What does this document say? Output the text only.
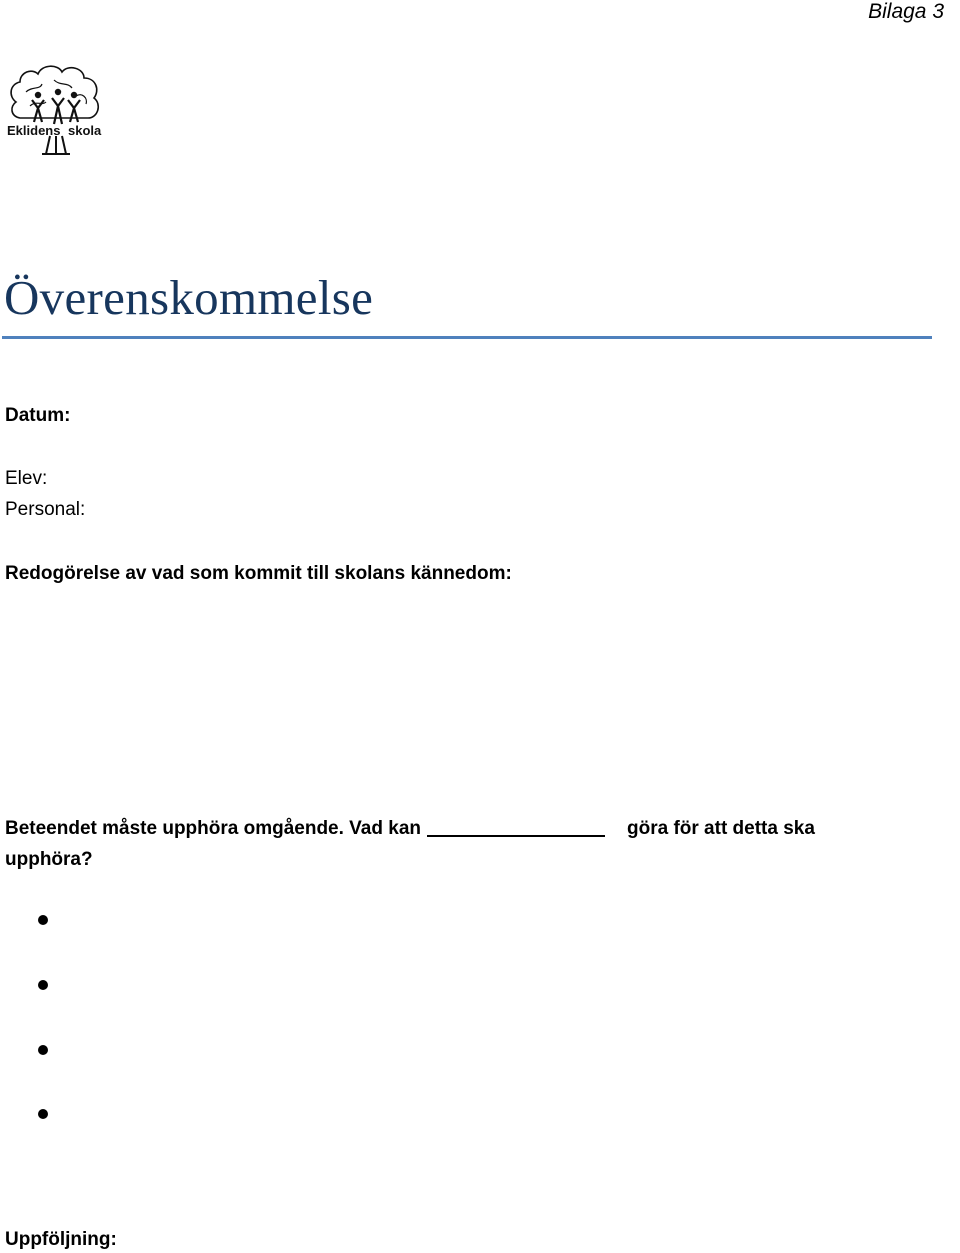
Bilaga 3
Eklidens skola
Överenskommelse
Datum:
Elev:
Personal:
Redogörelse av vad som kommit till skolans kännedom:
Beteendet måste upphöra omgående. Vad kan	göra för att detta ska
upphöra?
Uppföljning:
